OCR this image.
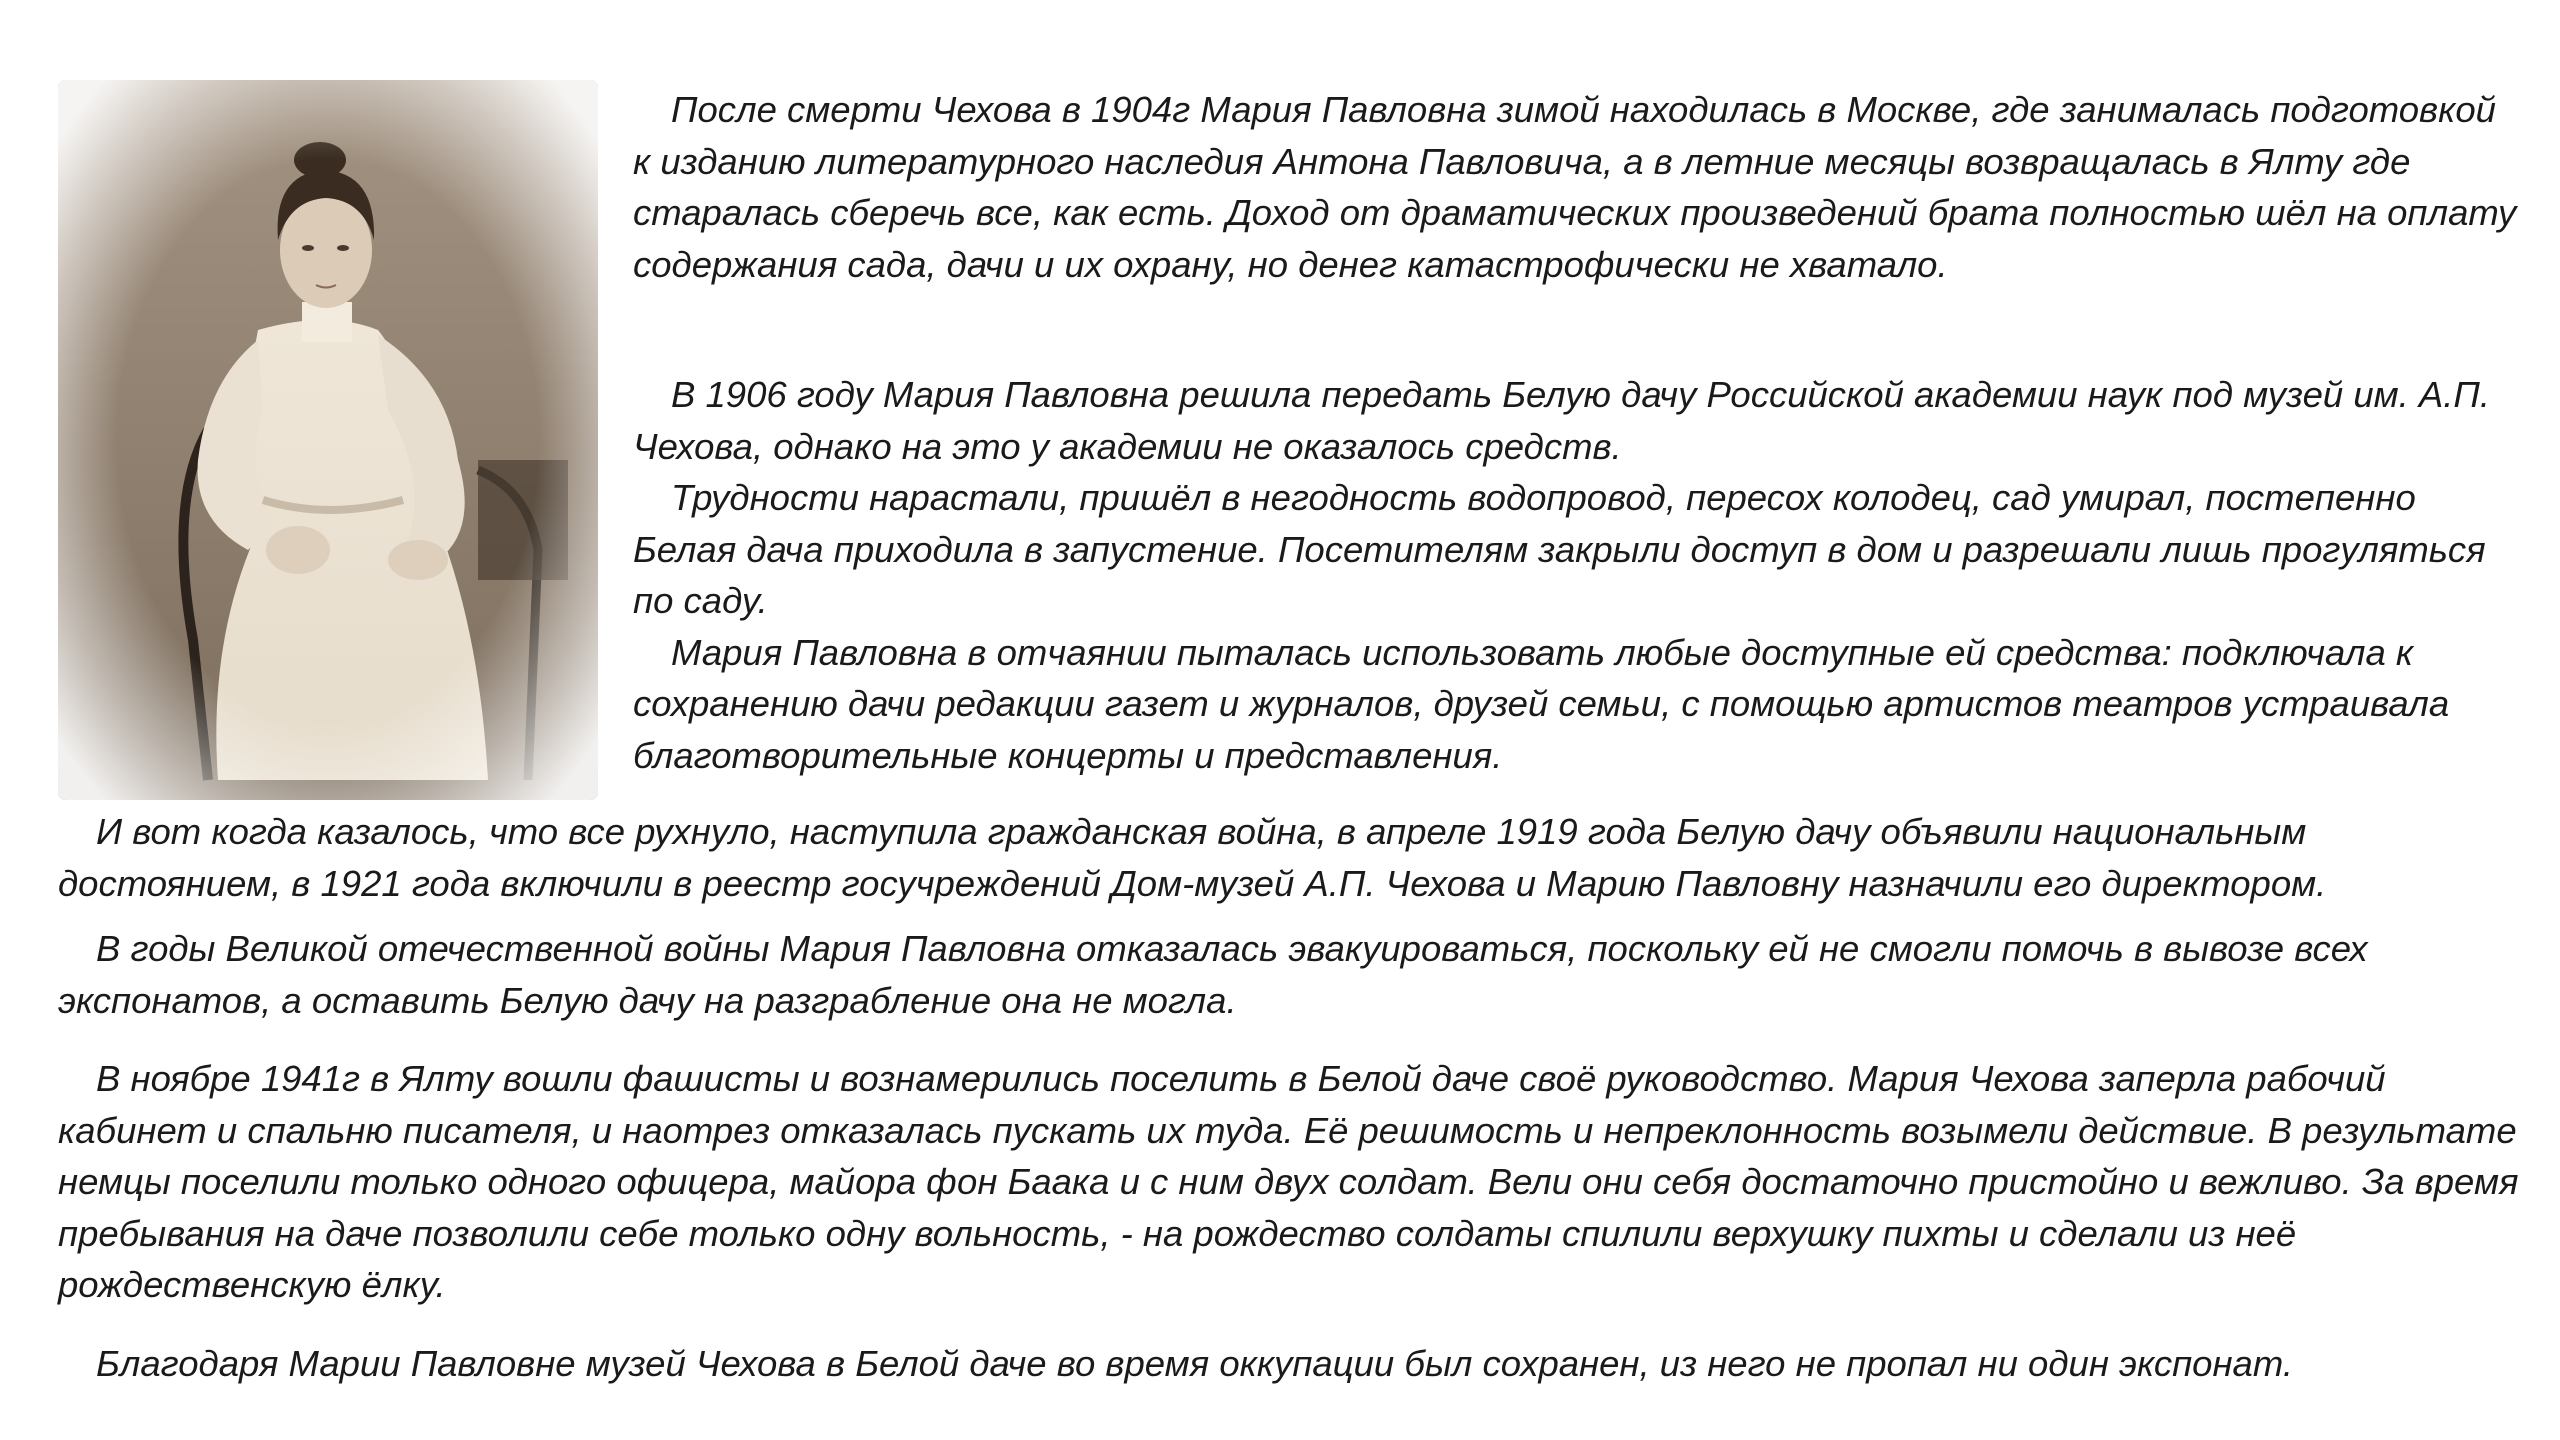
После смерти Чехова в 1904г Мария Павловна зимой находилась в Москве, где занималась подготовкой к изданию литературного наследия Антона Павловича, а в летние месяцы возвращалась в Ялту где старалась сберечь все, как есть. Доход от драматических произведений брата полностью шёл на оплату содержания сада, дачи и их охрану, но денег катастрофически не хватало.

В 1906 году Мария Павловна решила передать Белую дачу Российской академии наук под музей им. А.П. Чехова, однако на это у академии не оказалось средств.

Трудности нарастали, пришёл в негодность водопровод, пересох колодец, сад умирал, постепенно Белая дача приходила в запустение. Посетителям закрыли доступ в дом и разрешали лишь прогуляться по саду.

Мария Павловна в отчаянии пыталась использовать любые доступные ей средства: подключала к сохранению дачи редакции газет и журналов, друзей семьи, с помощью артистов театров устраивала благотворительные концерты и представления.

И вот когда казалось, что все рухнуло, наступила гражданская война, в апреле 1919 года Белую дачу объявили национальным достоянием, в 1921 года включили в реестр госучреждений Дом-музей А.П. Чехова и Марию Павловну назначили его директором.

В годы Великой отечественной войны Мария Павловна отказалась эвакуироваться, поскольку ей не смогли помочь в вывозе всех экспонатов, а оставить Белую дачу на разграбление она не могла.

В ноябре 1941г в Ялту вошли фашисты и вознамерились поселить в Белой даче своё руководство. Мария Чехова заперла рабочий кабинет и спальню писателя, и наотрез отказалась пускать их туда. Её решимость и непреклонность возымели действие. В результате немцы поселили только одного офицера, майора фон Баака и с ним двух солдат. Вели они себя достаточно пристойно и вежливо. За время пребывания на даче позволили себе только одну вольность, - на рождество солдаты спилили верхушку пихты и сделали из неё рождественскую ёлку.

Благодаря Марии Павловне музей Чехова в Белой даче во время оккупации был сохранен, из него не пропал ни один экспонат.
